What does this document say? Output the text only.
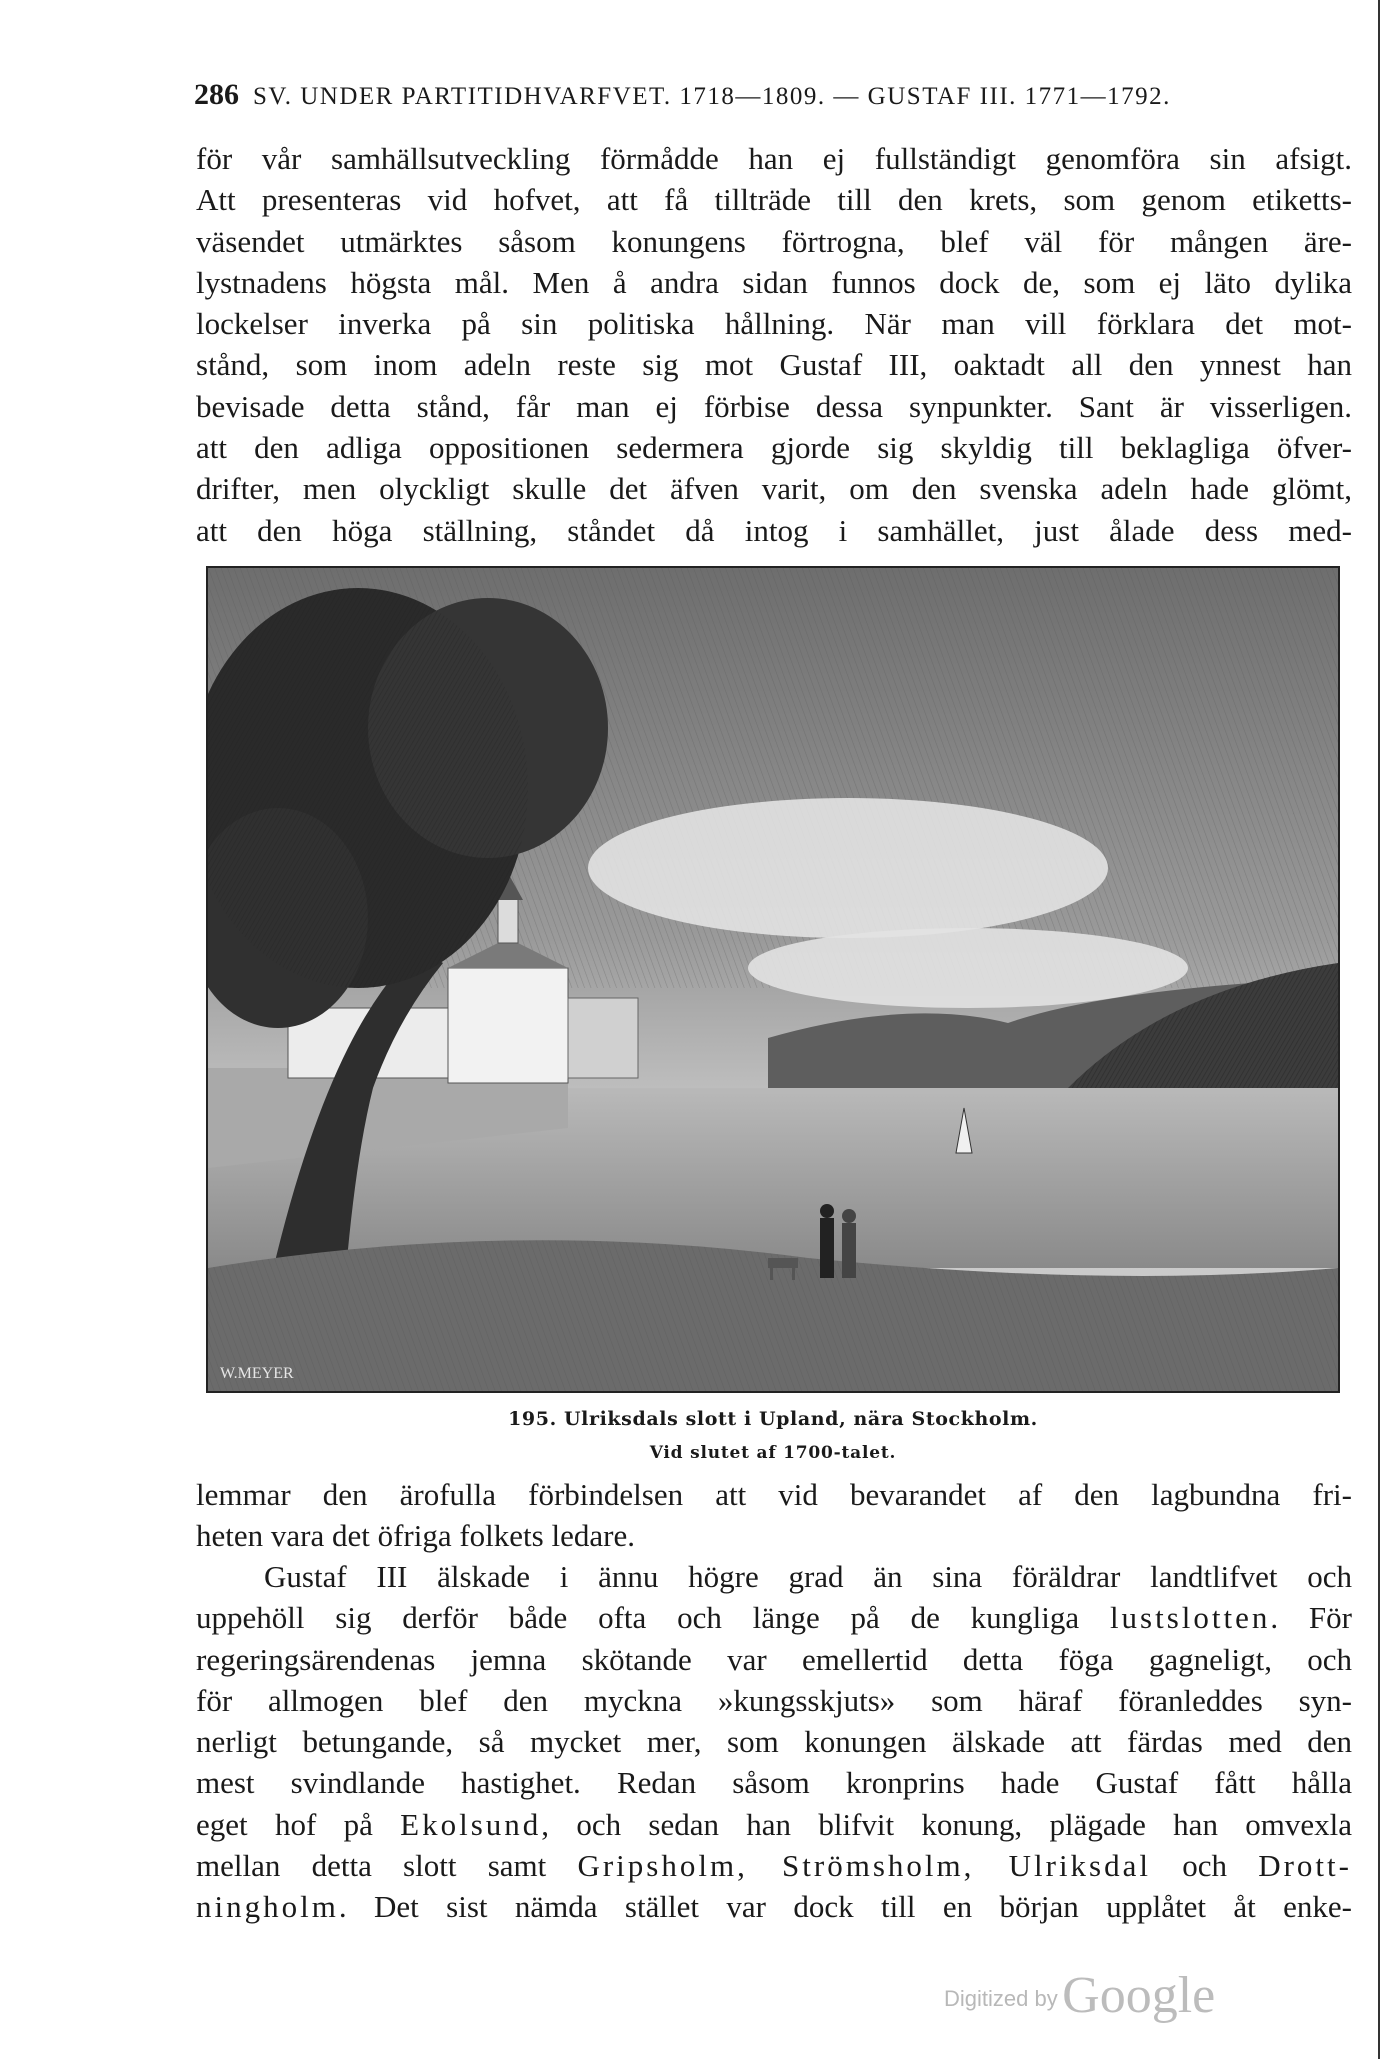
286 SV. UNDER PARTITIDHVARFVET. 1718—1809. — GUSTAF III. 1771—1792.
för vår samhällsutveckling förmådde han ej fullständigt genomföra sin afsigt.
Att presenteras vid hofvet, att få tillträde till den krets, som genom etiketts-
väsendet utmärktes såsom konungens förtrogna, blef väl för mången äre-
lystnadens högsta mål. Men å andra sidan funnos dock de, som ej läto dylika
lockelser inverka på sin politiska hållning. När man vill förklara det mot-
stånd, som inom adeln reste sig mot Gustaf III, oaktadt all den ynnest han
bevisade detta stånd, får man ej förbise dessa synpunkter. Sant är visserligen.
att den adliga oppositionen sedermera gjorde sig skyldig till beklagliga öfver-
drifter, men olyckligt skulle det äfven varit, om den svenska adeln hade glömt,
att den höga ställning, ståndet då intog i samhället, just ålade dess med-
W.MEYER
195. Ulriksdals slott i Upland, nära Stockholm.
Vid slutet af 1700-talet.
lemmar den ärofulla förbindelsen att vid bevarandet af den lagbundna fri-
heten vara det öfriga folkets ledare.
Gustaf III älskade i ännu högre grad än sina föräldrar landtlifvet och
uppehöll sig derför både ofta och länge på de kungliga lustslotten. För
regeringsärendenas jemna skötande var emellertid detta föga gagneligt, och
för allmogen blef den myckna »kungsskjuts» som häraf föranleddes syn-
nerligt betungande, så mycket mer, som konungen älskade att färdas med den
mest svindlande hastighet. Redan såsom kronprins hade Gustaf fått hålla
eget hof på Ekolsund, och sedan han blifvit konung, plägade han omvexla
mellan detta slott samt Gripsholm, Strömsholm, Ulriksdal och Drott-
ningholm. Det sist nämda stället var dock till en början upplåtet åt enke-
Digitized by Google
